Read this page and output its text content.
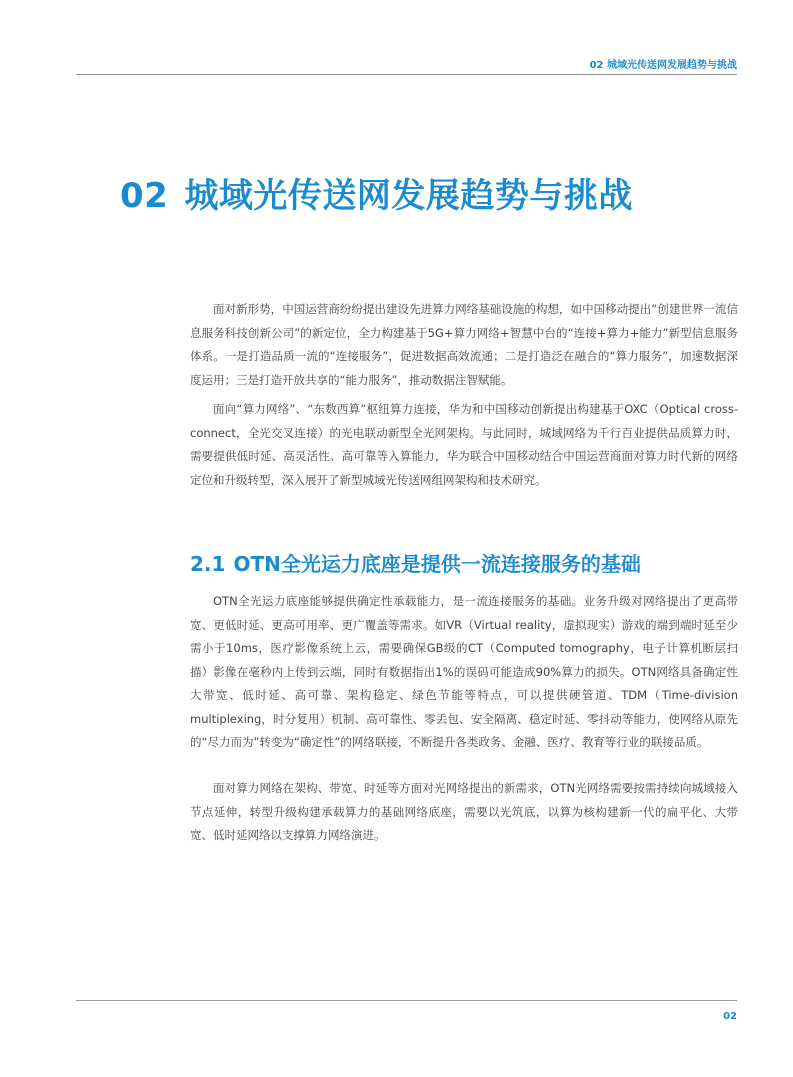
02 城域光传送网发展趋势与挑战
02 城域光传送网发展趋势与挑战

面对新形势，中国运营商纷纷提出建设先进算力网络基础设施的构想，如中国移动提出“创建世界一流信息服务科技创新公司”的新定位，全力构建基于5G+算力网络+智慧中台的“连接+算力+能力”新型信息服务体系。一是打造品质一流的“连接服务”，促进数据高效流通；二是打造泛在融合的“算力服务”，加速数据深度运用；三是打造开放共享的“能力服务”，推动数据注智赋能。

面向“算力网络”、“东数西算”枢纽算力连接，华为和中国移动创新提出构建基于OXC（Optical cross-connect，全光交叉连接）的光电联动新型全光网架构。与此同时，城域网络为千行百业提供品质算力时，需要提供低时延、高灵活性、高可靠等入算能力，华为联合中国移动结合中国运营商面对算力时代新的网络定位和升级转型，深入展开了新型城域光传送网组网架构和技术研究。

2.1 OTN全光运力底座是提供一流连接服务的基础

OTN全光运力底座能够提供确定性承载能力，是一流连接服务的基础。业务升级对网络提出了更高带宽、更低时延、更高可用率、更广覆盖等需求。如VR（Virtual reality，虚拟现实）游戏的端到端时延至少需小于10ms，医疗影像系统上云，需要确保GB级的CT（Computed tomography，电子计算机断层扫描）影像在毫秒内上传到云端，同时有数据指出1%的误码可能造成90%算力的损失。OTN网络具备确定性大带宽、低时延、高可靠、架构稳定、绿色节能等特点，可以提供硬管道、TDM（Time-division multiplexing，时分复用）机制、高可靠性、零丢包、安全隔离、稳定时延、零抖动等能力，使网络从原先的“尽力而为”转变为“确定性”的网络联接，不断提升各类政务、金融、医疗、教育等行业的联接品质。

面对算力网络在架构、带宽、时延等方面对光网络提出的新需求，OTN光网络需要按需持续向城域接入节点延伸，转型升级构建承载算力的基础网络底座，需要以光筑底，以算为核构建新一代的扁平化、大带宽、低时延网络以支撑算力网络演进。

02
